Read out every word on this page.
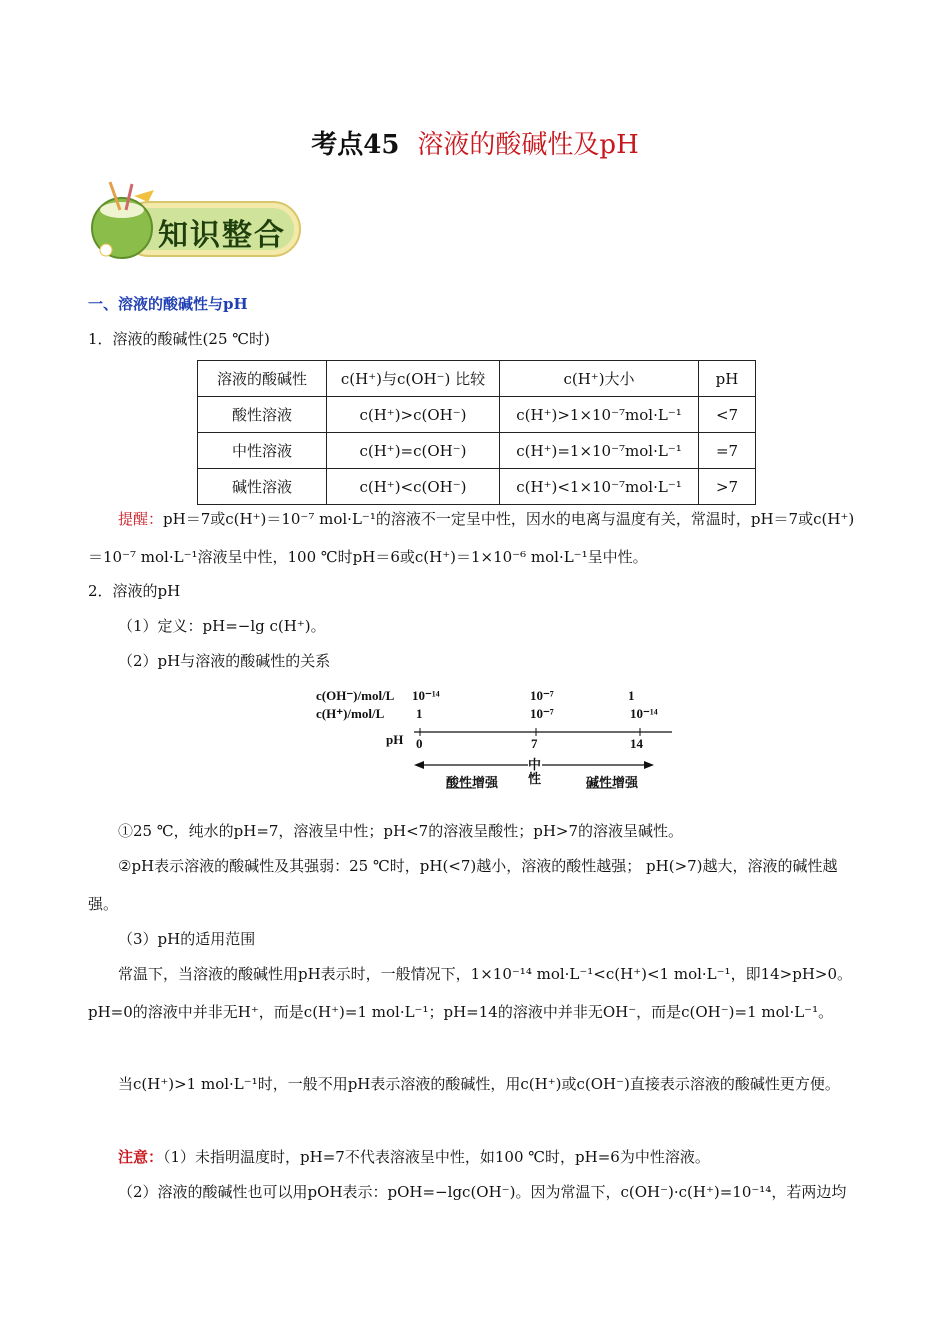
考点45 溶液的酸碱性及pH
知识整合
一、溶液的酸碱性与pH
1．溶液的酸碱性(25 ℃时)
溶液的酸碱性	c(H⁺)与c(OH⁻) 比较	c(H⁺)大小	pH
酸性溶液	c(H⁺)>c(OH⁻)	c(H⁺)>1×10⁻⁷mol·L⁻¹	<7
中性溶液	c(H⁺)=c(OH⁻)	c(H⁺)=1×10⁻⁷mol·L⁻¹	=7
碱性溶液	c(H⁺)<c(OH⁻)	c(H⁺)<1×10⁻⁷mol·L⁻¹	>7
提醒：pH＝7或c(H⁺)＝10⁻⁷ mol·L⁻¹的溶液不一定呈中性，因水的电离与温度有关，常温时，pH＝7或c(H⁺)＝10⁻⁷ mol·L⁻¹溶液呈中性，100 ℃时pH＝6或c(H⁺)＝1×10⁻⁶ mol·L⁻¹呈中性。
2．溶液的pH
（1）定义：pH=−lg c(H⁺)。
（2）pH与溶液的酸碱性的关系
c(OH⁻)/mol/L
c(H⁺)/mol/L
pH
10⁻¹⁴	10⁻⁷	1
1	10⁻⁷	10⁻¹⁴
0	7	14
中性
酸性增强	碱性增强
①25 ℃，纯水的pH=7，溶液呈中性；pH<7的溶液呈酸性；pH>7的溶液呈碱性。
②pH表示溶液的酸碱性及其强弱：25 ℃时，pH(<7)越小，溶液的酸性越强； pH(>7)越大，溶液的碱性越强。
（3）pH的适用范围
常温下，当溶液的酸碱性用pH表示时，一般情况下，1×10⁻¹⁴ mol·L⁻¹<c(H⁺)<1 mol·L⁻¹，即14>pH>0。pH=0的溶液中并非无H⁺，而是c(H⁺)=1 mol·L⁻¹；pH=14的溶液中并非无OH⁻，而是c(OH⁻)=1 mol·L⁻¹。
当c(H⁺)>1 mol·L⁻¹时，一般不用pH表示溶液的酸碱性，用c(H⁺)或c(OH⁻)直接表示溶液的酸碱性更方便。
注意：（1）未指明温度时，pH=7不代表溶液呈中性，如100 ℃时，pH=6为中性溶液。
（2）溶液的酸碱性也可以用pOH表示：pOH=−lgc(OH⁻)。因为常温下，c(OH⁻)·c(H⁺)=10⁻¹⁴，若两边均
